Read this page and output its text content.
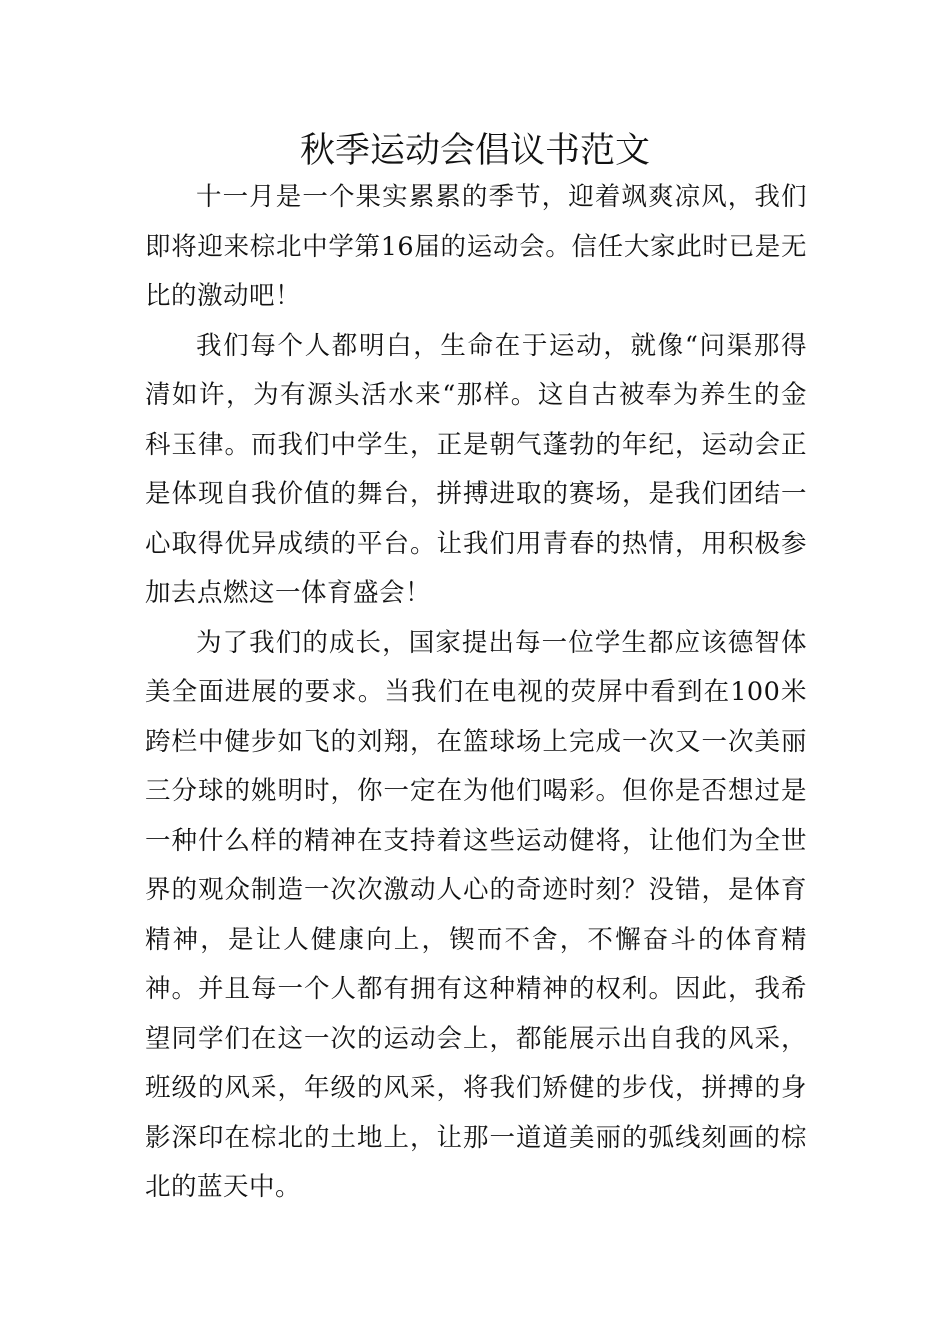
秋季运动会倡议书范文

十一月是一个果实累累的季节，迎着飒爽凉风，我们即将迎来棕北中学第16届的运动会。信任大家此时已是无比的激动吧！

我们每个人都明白，生命在于运动，就像“问渠那得清如许，为有源头活水来“那样。这自古被奉为养生的金科玉律。而我们中学生，正是朝气蓬勃的年纪，运动会正是体现自我价值的舞台，拼搏进取的赛场，是我们团结一心取得优异成绩的平台。让我们用青春的热情，用积极参加去点燃这一体育盛会！

为了我们的成长，国家提出每一位学生都应该德智体美全面进展的要求。当我们在电视的荧屏中看到在100米跨栏中健步如飞的刘翔，在篮球场上完成一次又一次美丽三分球的姚明时，你一定在为他们喝彩。但你是否想过是一种什么样的精神在支持着这些运动健将，让他们为全世界的观众制造一次次激动人心的奇迹时刻？没错，是体育精神，是让人健康向上，锲而不舍，不懈奋斗的体育精神。并且每一个人都有拥有这种精神的权利。因此，我希望同学们在这一次的运动会上，都能展示出自我的风采，班级的风采，年级的风采，将我们矫健的步伐，拼搏的身影深印在棕北的土地上，让那一道道美丽的弧线刻画的棕北的蓝天中。
